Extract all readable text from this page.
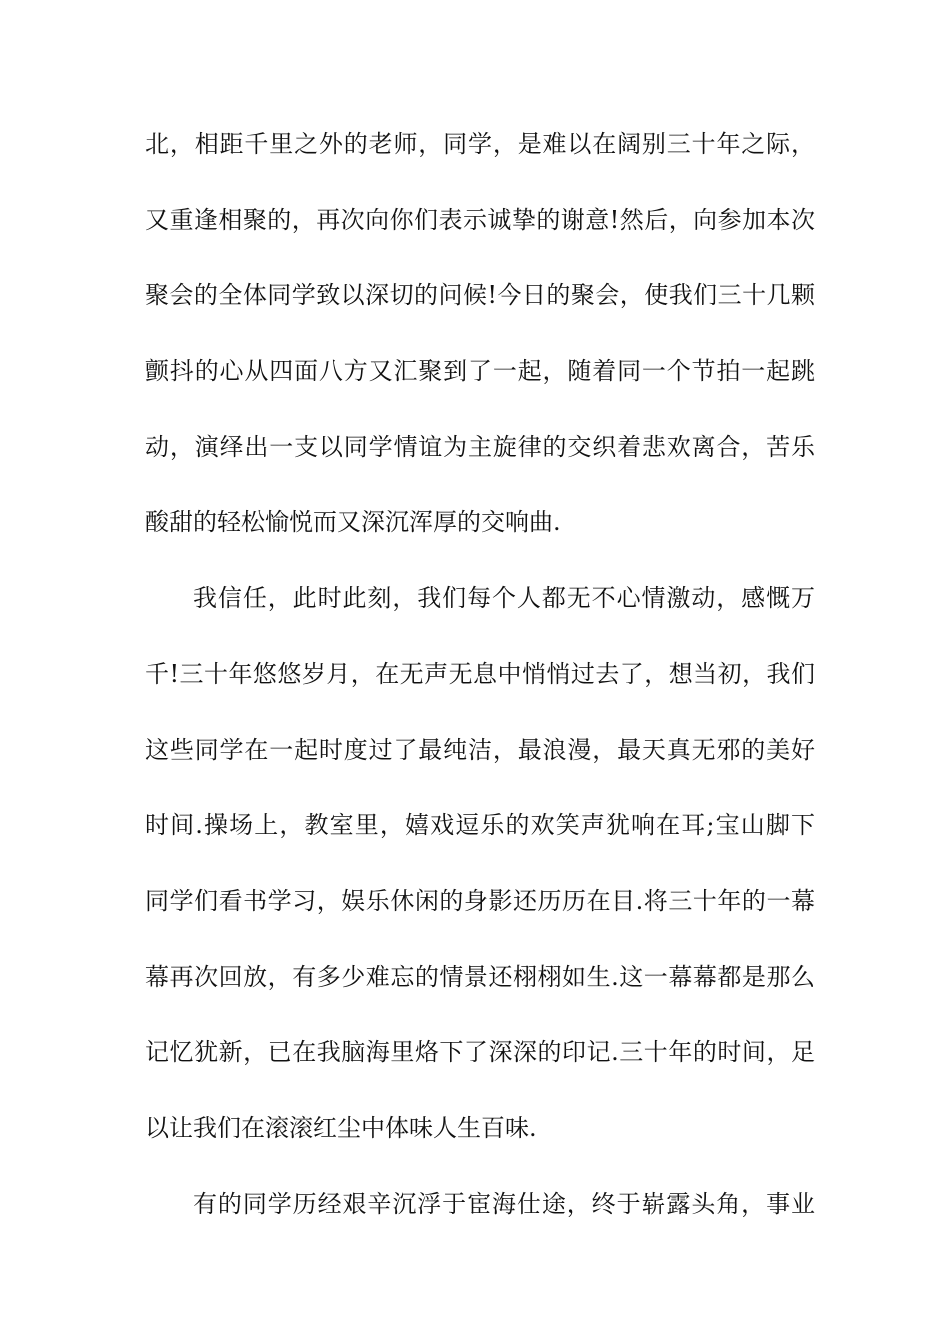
北，相距千里之外的老师，同学，是难以在阔别三十年之际，
又重逢相聚的，再次向你们表示诚挚的谢意!然后，向参加本次
聚会的全体同学致以深切的问候!今日的聚会，使我们三十几颗
颤抖的心从四面八方又汇聚到了一起，随着同一个节拍一起跳
动，演绎出一支以同学情谊为主旋律的交织着悲欢离合，苦乐
酸甜的轻松愉悦而又深沉浑厚的交响曲.
我信任，此时此刻，我们每个人都无不心情激动，感慨万
千!三十年悠悠岁月，在无声无息中悄悄过去了，想当初，我们
这些同学在一起时度过了最纯洁，最浪漫，最天真无邪的美好
时间.操场上，教室里，嬉戏逗乐的欢笑声犹响在耳;宝山脚下
同学们看书学习，娱乐休闲的身影还历历在目.将三十年的一幕
幕再次回放，有多少难忘的情景还栩栩如生.这一幕幕都是那么
记忆犹新，已在我脑海里烙下了深深的印记.三十年的时间，足
以让我们在滚滚红尘中体味人生百味.
有的同学历经艰辛沉浮于宦海仕途，终于崭露头角，事业
